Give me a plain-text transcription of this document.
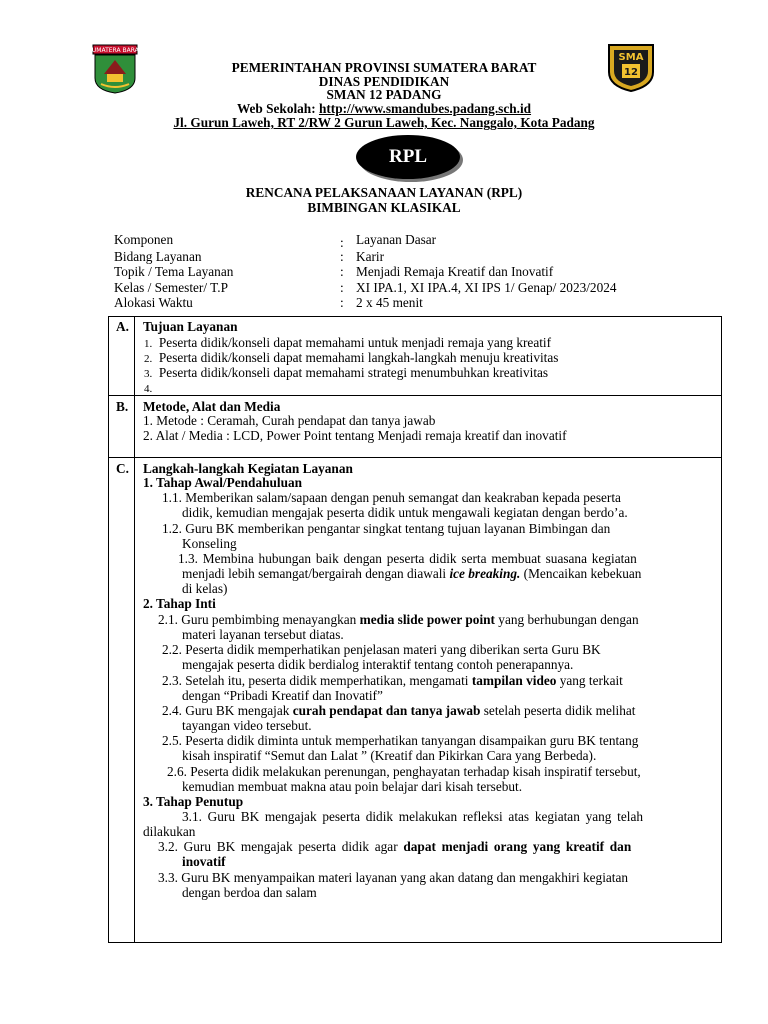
SUMATERA BARAT
SMA
12
PEMERINTAHAN PROVINSI SUMATERA BARAT
DINAS PENDIDIKAN
SMAN 12 PADANG
Web Sekolah: http://www.smandubes.padang.sch.id
Jl. Gurun Laweh, RT 2/RW 2 Gurun Laweh, Kec. Nanggalo, Kota Padang
RPL
RENCANA PELAKSANAAN LAYANAN (RPL)
BIMBINGAN KLASIKAL
Komponen	: Layanan Dasar
Bidang Layanan	: Karir
Topik / Tema Layanan	: Menjadi Remaja Kreatif dan Inovatif
Kelas / Semester/ T.P	: XI IPA.1, XI IPA.4, XI IPS 1/ Genap/ 2023/2024
Alokasi Waktu	: 2 x 45 menit
A. Tujuan Layanan
1. Peserta didik/konseli dapat memahami untuk menjadi remaja yang kreatif
2. Peserta didik/konseli dapat memahami langkah-langkah menuju kreativitas
3. Peserta didik/konseli dapat memahami strategi menumbuhkan kreativitas
4.
B. Metode, Alat dan Media
1. Metode : Ceramah, Curah pendapat dan tanya jawab
2. Alat / Media : LCD, Power Point tentang Menjadi remaja kreatif dan inovatif
C. Langkah-langkah Kegiatan Layanan
1. Tahap Awal/Pendahuluan
1.1. Memberikan salam/sapaan dengan penuh semangat dan keakraban kepada peserta
didik, kemudian mengajak peserta didik untuk mengawali kegiatan dengan berdo’a.
1.2. Guru BK memberikan pengantar singkat tentang tujuan layanan Bimbingan dan
Konseling
1.3. Membina hubungan baik dengan peserta didik serta membuat suasana kegiatan
menjadi lebih semangat/bergairah dengan diawali ice breaking. (Mencaikan kebekuan
di kelas)
2. Tahap Inti
2.1. Guru pembimbing menayangkan media slide power point yang berhubungan dengan
materi layanan tersebut diatas.
2.2. Peserta didik memperhatikan penjelasan materi yang diberikan serta Guru BK
mengajak peserta didik berdialog interaktif tentang contoh penerapannya.
2.3. Setelah itu, peserta didik memperhatikan, mengamati tampilan video yang terkait
dengan “Pribadi Kreatif dan Inovatif”
2.4. Guru BK mengajak curah pendapat dan tanya jawab setelah peserta didik melihat
tayangan video tersebut.
2.5. Peserta didik diminta untuk memperhatikan tanyangan disampaikan guru BK tentang
kisah inspiratif “Semut dan Lalat ” (Kreatif dan Pikirkan Cara yang Berbeda).
2.6. Peserta didik melakukan perenungan, penghayatan terhadap kisah inspiratif tersebut,
kemudian membuat makna atau poin belajar dari kisah tersebut.
3. Tahap Penutup
3.1. Guru BK mengajak peserta didik melakukan refleksi atas kegiatan yang telah
dilakukan
3.2. Guru BK mengajak peserta didik agar dapat menjadi orang yang kreatif dan
inovatif
3.3. Guru BK menyampaikan materi layanan yang akan datang dan mengakhiri kegiatan
dengan berdoa dan salam
